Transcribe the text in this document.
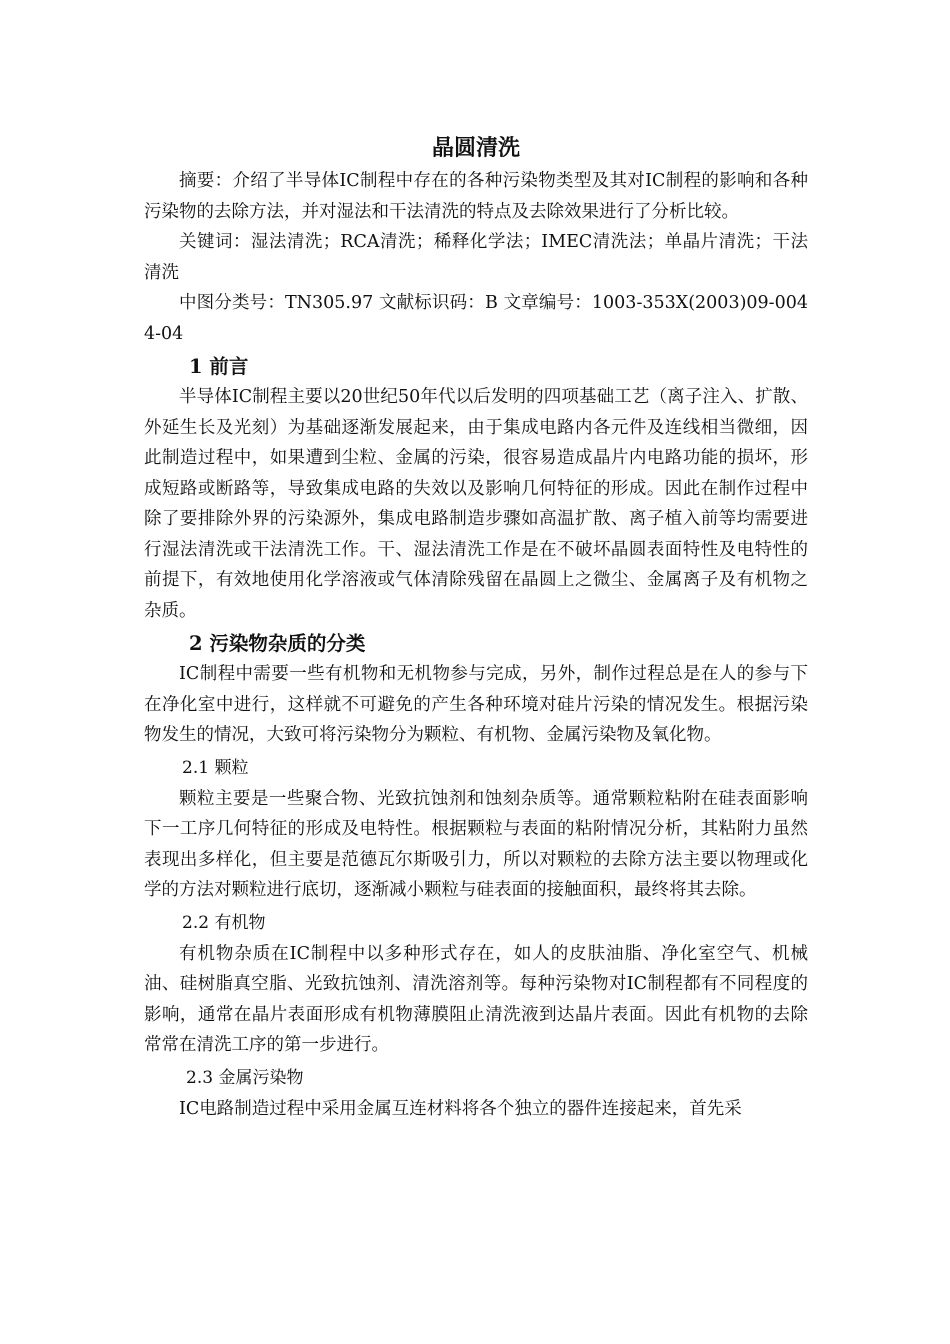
晶圆清洗

摘要：介绍了半导体IC制程中存在的各种污染物类型及其对IC制程的影响和各种污染物的去除方法，并对湿法和干法清洗的特点及去除效果进行了分析比较。

关键词：湿法清洗；RCA清洗；稀释化学法；IMEC清洗法；单晶片清洗；干法清洗

中图分类号：TN305.97 文献标识码：B 文章编号：1003-353X(2003)09-0044-04

1 前言

半导体IC制程主要以20世纪50年代以后发明的四项基础工艺（离子注入、扩散、外延生长及光刻）为基础逐渐发展起来，由于集成电路内各元件及连线相当微细，因此制造过程中，如果遭到尘粒、金属的污染，很容易造成晶片内电路功能的损坏，形成短路或断路等，导致集成电路的失效以及影响几何特征的形成。因此在制作过程中除了要排除外界的污染源外，集成电路制造步骤如高温扩散、离子植入前等均需要进行湿法清洗或干法清洗工作。干、湿法清洗工作是在不破坏晶圆表面特性及电特性的前提下，有效地使用化学溶液或气体清除残留在晶圆上之微尘、金属离子及有机物之杂质。

2 污染物杂质的分类

IC制程中需要一些有机物和无机物参与完成，另外，制作过程总是在人的参与下在净化室中进行，这样就不可避免的产生各种环境对硅片污染的情况发生。根据污染物发生的情况，大致可将污染物分为颗粒、有机物、金属污染物及氧化物。

2.1 颗粒

颗粒主要是一些聚合物、光致抗蚀剂和蚀刻杂质等。通常颗粒粘附在硅表面影响下一工序几何特征的形成及电特性。根据颗粒与表面的粘附情况分析，其粘附力虽然表现出多样化，但主要是范德瓦尔斯吸引力，所以对颗粒的去除方法主要以物理或化学的方法对颗粒进行底切，逐渐减小颗粒与硅表面的接触面积，最终将其去除。

2.2 有机物

有机物杂质在IC制程中以多种形式存在，如人的皮肤油脂、净化室空气、机械油、硅树脂真空脂、光致抗蚀剂、清洗溶剂等。每种污染物对IC制程都有不同程度的影响，通常在晶片表面形成有机物薄膜阻止清洗液到达晶片表面。因此有机物的去除常常在清洗工序的第一步进行。

2.3 金属污染物

IC电路制造过程中采用金属互连材料将各个独立的器件连接起来，首先采
